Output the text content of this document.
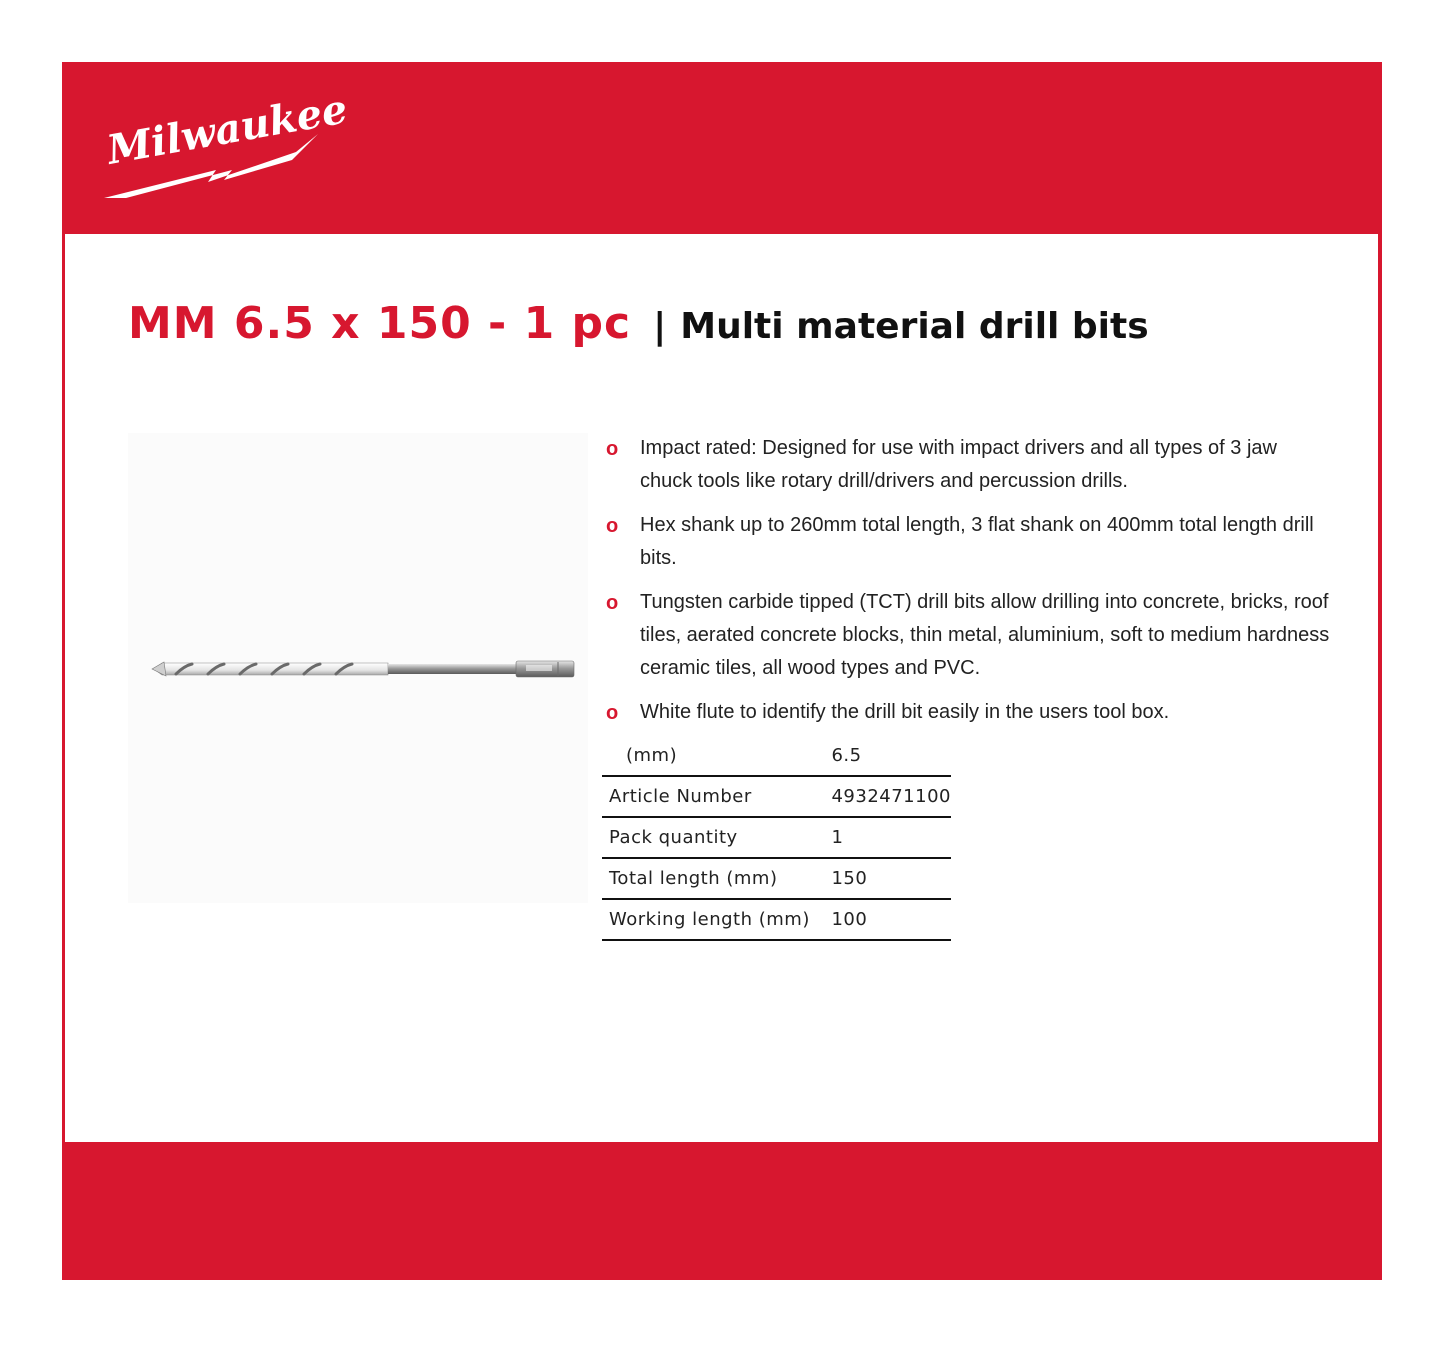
Milwaukee
MM 6.5 x 150 - 1 pc | Multi material drill bits
o Impact rated: Designed for use with impact drivers and all types of 3 jaw chuck tools like rotary drill/drivers and percussion drills.
o Hex shank up to 260mm total length, 3 flat shank on 400mm total length drill bits.
o Tungsten carbide tipped (TCT) drill bits allow drilling into concrete, bricks, roof tiles, aerated concrete blocks, thin metal, aluminium, soft to medium hardness ceramic tiles, all wood types and PVC.
o White flute to identify the drill bit easily in the users tool box.
(mm)	6.5
Article Number	4932471100
Pack quantity	1
Total length (mm)	150
Working length (mm)	100
